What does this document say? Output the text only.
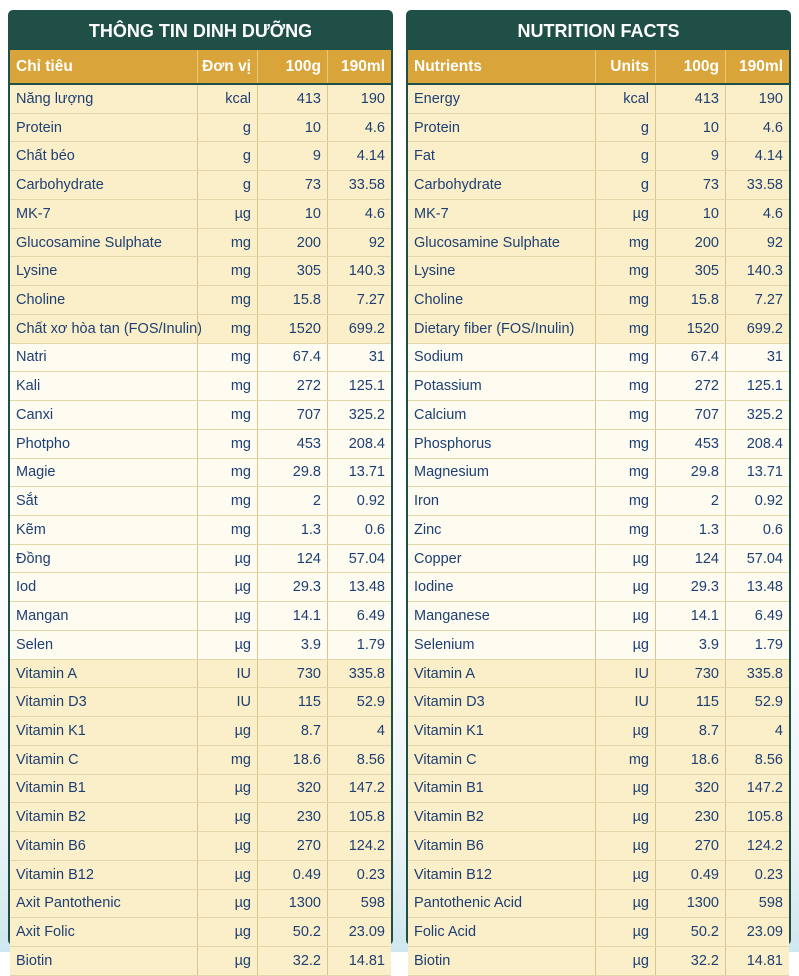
THÔNG TIN DINH DƯỠNG
Chỉ tiêu	Đơn vị	100g	190ml
Năng lượng	kcal	413	190
Protein	g	10	4.6
Chất béo	g	9	4.14
Carbohydrate	g	73	33.58
MK-7	µg	10	4.6
Glucosamine Sulphate	mg	200	92
Lysine	mg	305	140.3
Choline	mg	15.8	7.27
Chất xơ hòa tan (FOS/Inulin)	mg	1520	699.2
Natri	mg	67.4	31
Kali	mg	272	125.1
Canxi	mg	707	325.2
Photpho	mg	453	208.4
Magie	mg	29.8	13.71
Sắt	mg	2	0.92
Kẽm	mg	1.3	0.6
Đồng	µg	124	57.04
Iod	µg	29.3	13.48
Mangan	µg	14.1	6.49
Selen	µg	3.9	1.79
Vitamin A	IU	730	335.8
Vitamin D3	IU	115	52.9
Vitamin K1	µg	8.7	4
Vitamin C	mg	18.6	8.56
Vitamin B1	µg	320	147.2
Vitamin B2	µg	230	105.8
Vitamin B6	µg	270	124.2
Vitamin B12	µg	0.49	0.23
Axit Pantothenic	µg	1300	598
Axit Folic	µg	50.2	23.09
Biotin	µg	32.2	14.81
NUTRITION FACTS
Nutrients	Units	100g	190ml
Energy	kcal	413	190
Protein	g	10	4.6
Fat	g	9	4.14
Carbohydrate	g	73	33.58
MK-7	µg	10	4.6
Glucosamine Sulphate	mg	200	92
Lysine	mg	305	140.3
Choline	mg	15.8	7.27
Dietary fiber (FOS/Inulin)	mg	1520	699.2
Sodium	mg	67.4	31
Potassium	mg	272	125.1
Calcium	mg	707	325.2
Phosphorus	mg	453	208.4
Magnesium	mg	29.8	13.71
Iron	mg	2	0.92
Zinc	mg	1.3	0.6
Copper	µg	124	57.04
Iodine	µg	29.3	13.48
Manganese	µg	14.1	6.49
Selenium	µg	3.9	1.79
Vitamin A	IU	730	335.8
Vitamin D3	IU	115	52.9
Vitamin K1	µg	8.7	4
Vitamin C	mg	18.6	8.56
Vitamin B1	µg	320	147.2
Vitamin B2	µg	230	105.8
Vitamin B6	µg	270	124.2
Vitamin B12	µg	0.49	0.23
Pantothenic Acid	µg	1300	598
Folic Acid	µg	50.2	23.09
Biotin	µg	32.2	14.81
